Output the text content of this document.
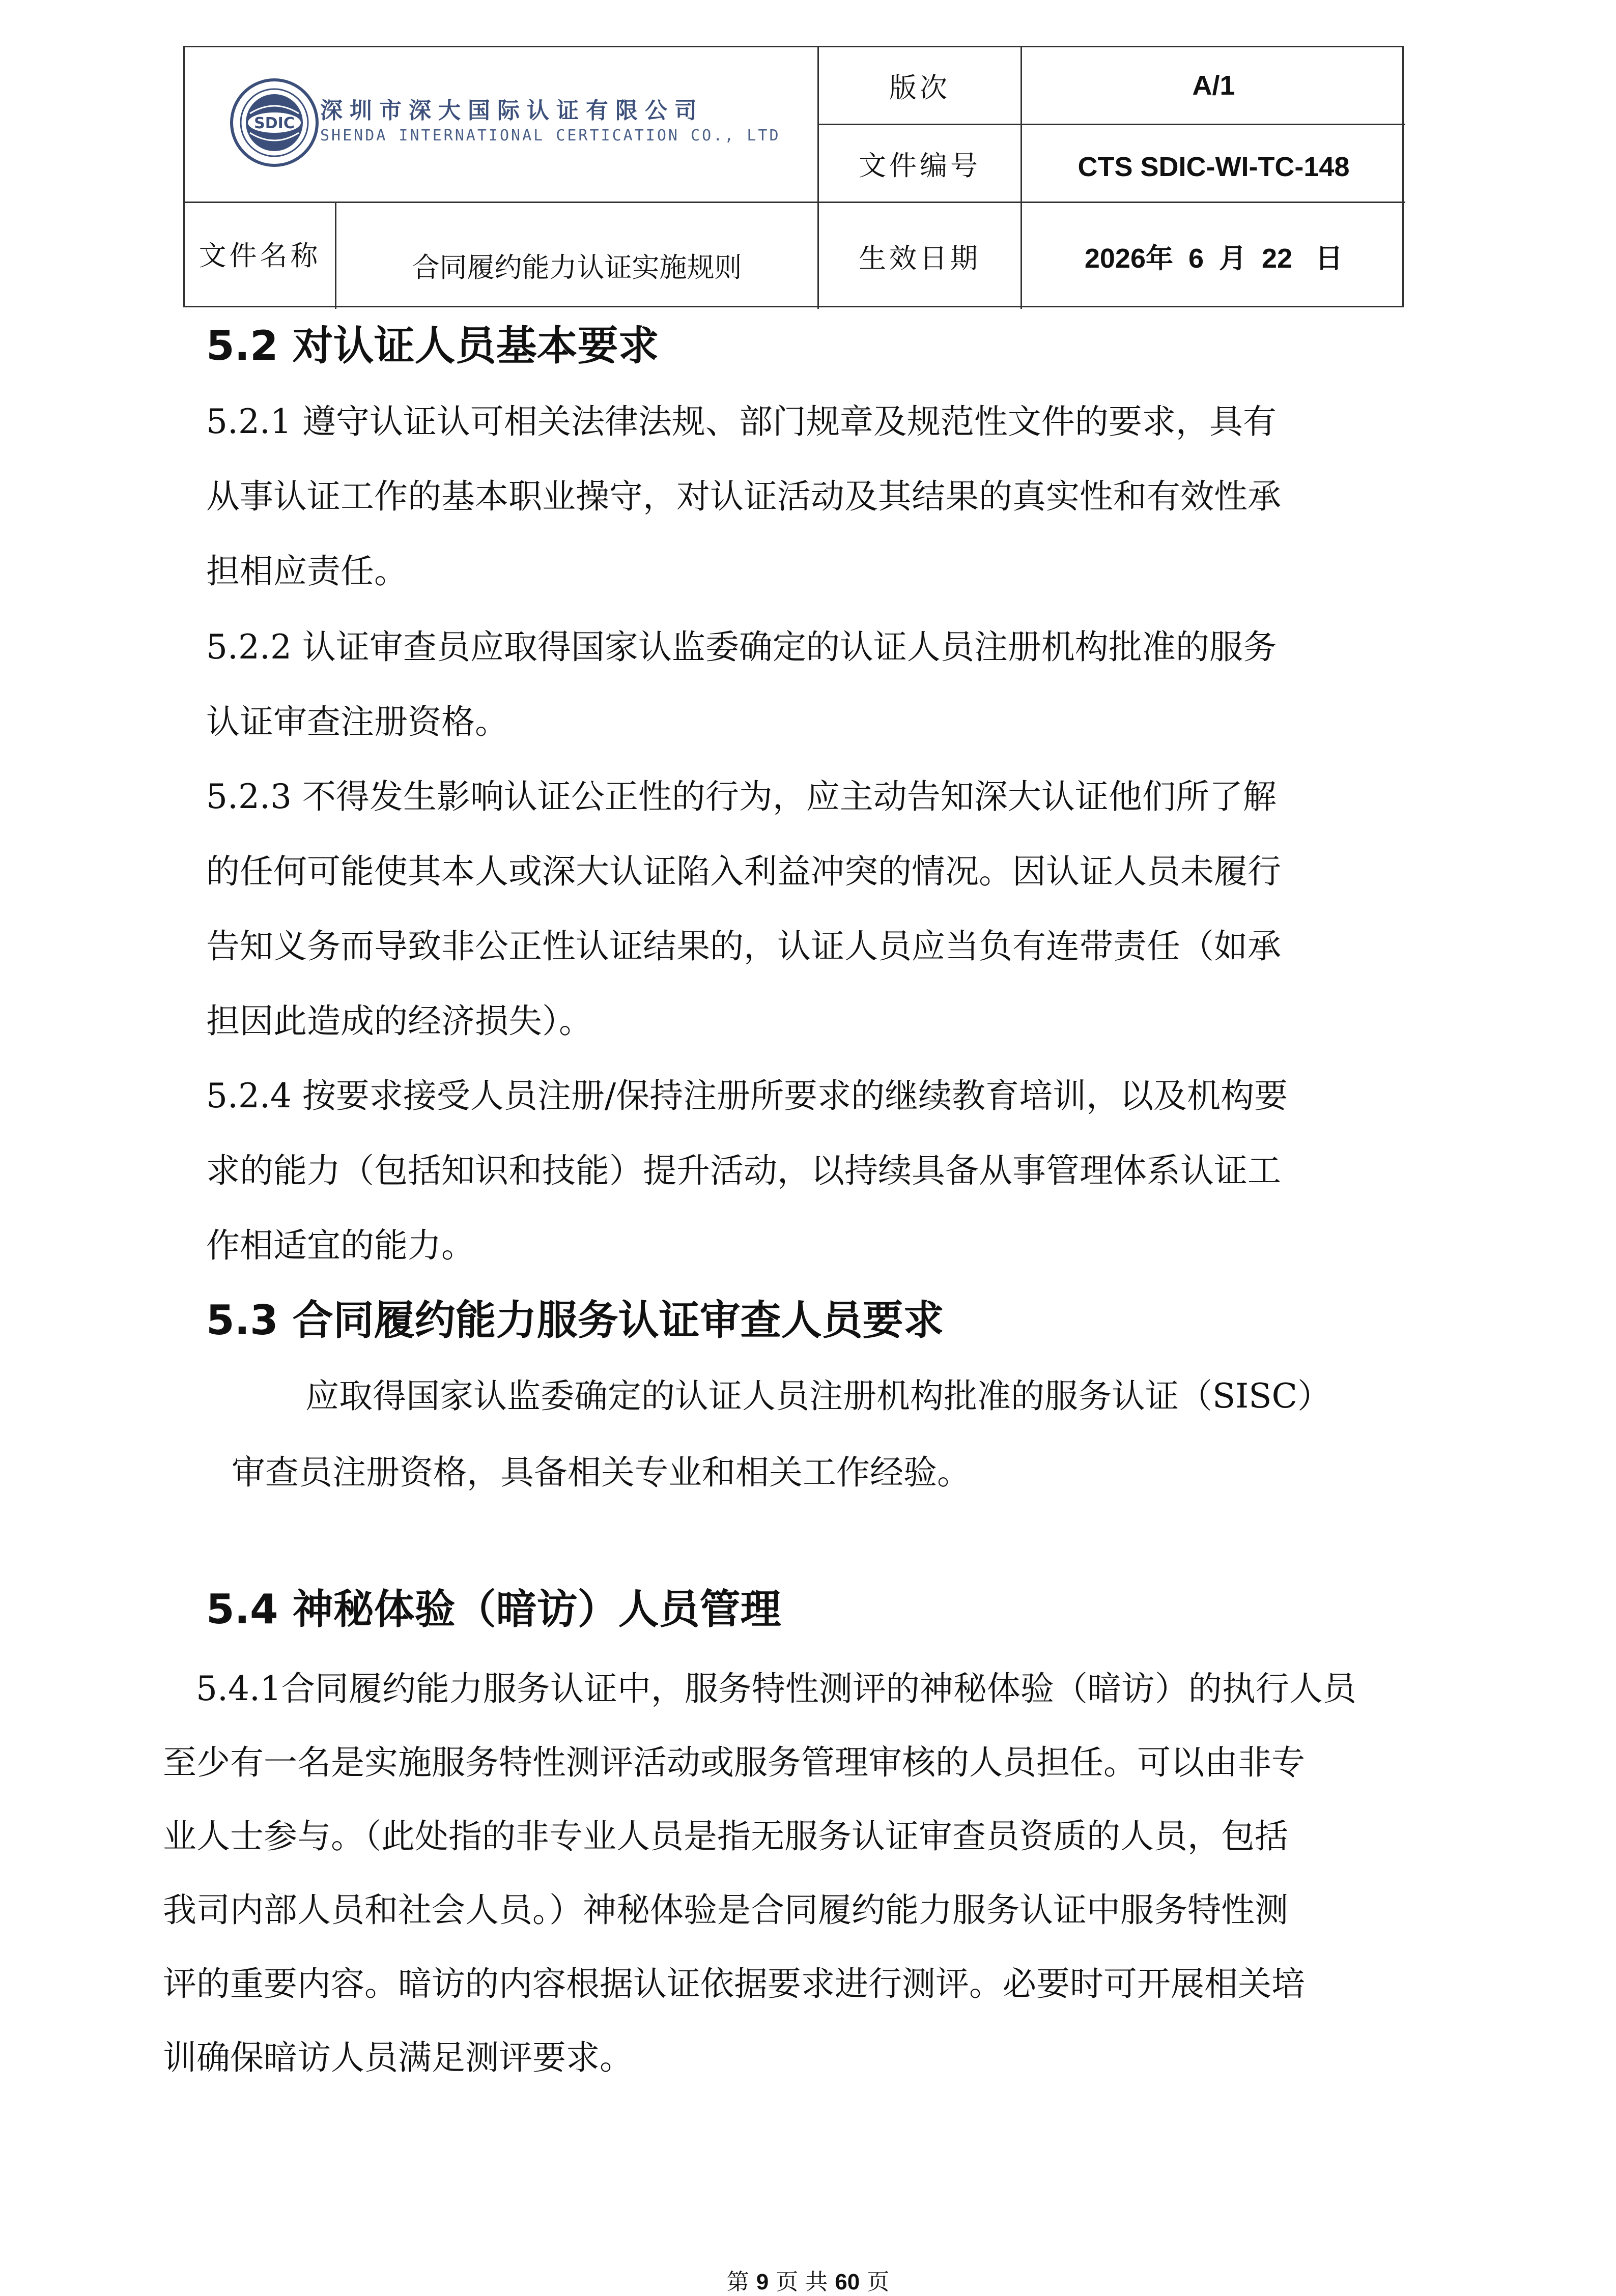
SDIC 深圳市深大国际认证有限公司
SHENDA INTERNATIONAL CERTICATION CO., LTD
版次	A/1
文件编号	CTS SDIC-WI-TC-148
文件名称	合同履约能力认证实施规则	生效日期	2026年  6  月  22   日
5.2 对认证人员基本要求
5.2.1 遵守认证认可相关法律法规、部门规章及规范性文件的要求，具有
从事认证工作的基本职业操守，对认证活动及其结果的真实性和有效性承
担相应责任。
5.2.2 认证审查员应取得国家认监委确定的认证人员注册机构批准的服务
认证审查注册资格。
5.2.3 不得发生影响认证公正性的行为，应主动告知深大认证他们所了解
的任何可能使其本人或深大认证陷入利益冲突的情况。因认证人员未履行
告知义务而导致非公正性认证结果的，认证人员应当负有连带责任（如承
担因此造成的经济损失）。
5.2.4 按要求接受人员注册/保持注册所要求的继续教育培训，以及机构要
求的能力（包括知识和技能）提升活动，以持续具备从事管理体系认证工
作相适宜的能力。
5.3 合同履约能力服务认证审查人员要求
应取得国家认监委确定的认证人员注册机构批准的服务认证（SISC）
审查员注册资格，具备相关专业和相关工作经验。
5.4 神秘体验（暗访）人员管理
5.4.1合同履约能力服务认证中，服务特性测评的神秘体验（暗访）的执行人员
至少有一名是实施服务特性测评活动或服务管理审核的人员担任。可以由非专
业人士参与。（此处指的非专业人员是指无服务认证审查员资质的人员，包括
我司内部人员和社会人员。）神秘体验是合同履约能力服务认证中服务特性测
评的重要内容。暗访的内容根据认证依据要求进行测评。必要时可开展相关培
训确保暗访人员满足测评要求。
第 9 页 共 60 页
